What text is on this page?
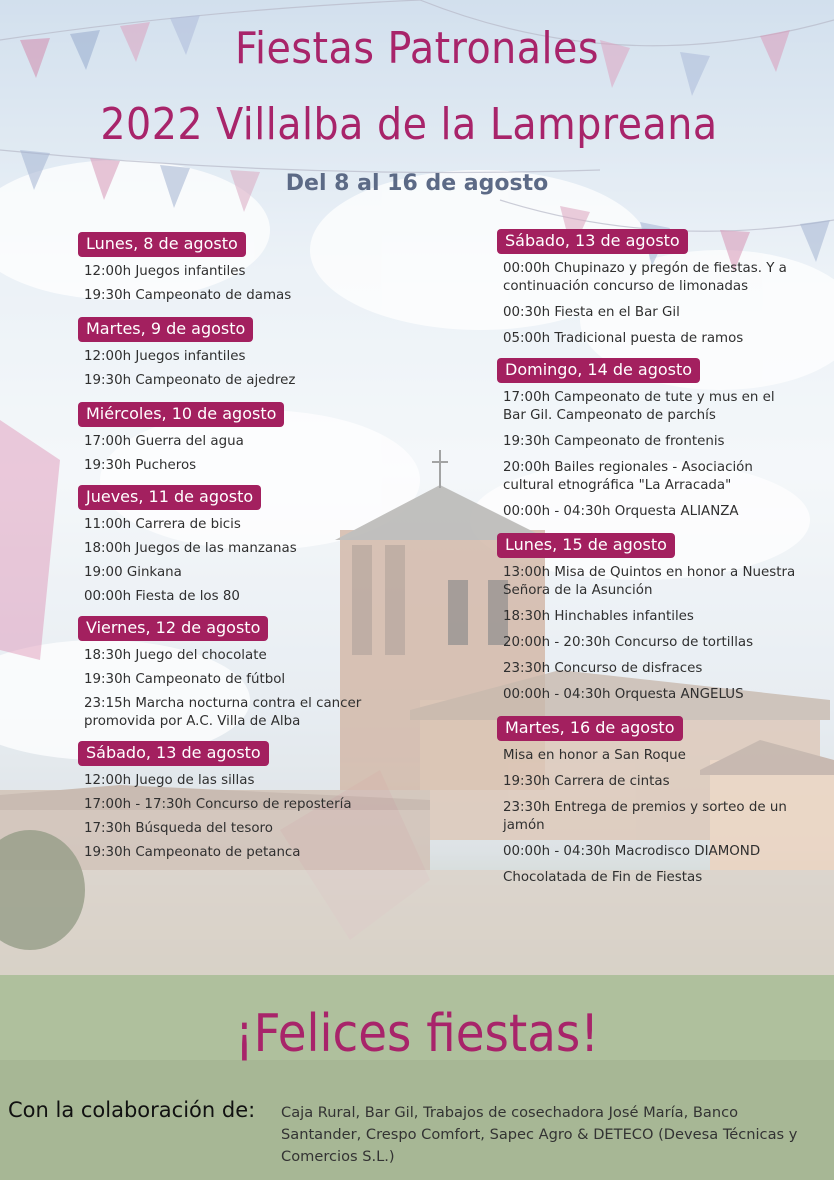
Fiestas Patronales
2022 Villalba de la Lampreana
Del 8 al 16 de agosto
Lunes, 8 de agosto
12:00h Juegos infantiles
19:30h Campeonato de damas
Martes, 9 de agosto
12:00h Juegos infantiles
19:30h Campeonato de ajedrez
Miércoles, 10 de agosto
17:00h Guerra del agua
19:30h Pucheros
Jueves, 11 de agosto
11:00h Carrera de bicis
18:00h Juegos de las manzanas
19:00 Ginkana
00:00h Fiesta de los 80
Viernes, 12 de agosto
18:30h Juego del chocolate
19:30h Campeonato de fútbol
23:15h Marcha nocturna contra el cancer promovida por A.C. Villa de Alba
Sábado, 13 de agosto
12:00h Juego de las sillas
17:00h - 17:30h Concurso de repostería
17:30h Búsqueda del tesoro
19:30h Campeonato de petanca
Sábado, 13 de agosto
00:00h Chupinazo y pregón de fiestas. Y a continuación concurso de limonadas
00:30h Fiesta en el Bar Gil
05:00h Tradicional puesta de ramos
Domingo, 14 de agosto
17:00h Campeonato de tute y mus en el Bar Gil. Campeonato de parchís
19:30h Campeonato de frontenis
20:00h Bailes regionales - Asociación cultural etnográfica "La Arracada"
00:00h - 04:30h Orquesta ALIANZA
Lunes, 15 de agosto
13:00h Misa de Quintos en honor a Nuestra Señora de la Asunción
18:30h Hinchables infantiles
20:00h - 20:30h Concurso de tortillas
23:30h Concurso de disfraces
00:00h - 04:30h Orquesta ANGELUS
Martes, 16 de agosto
Misa en honor a San Roque
19:30h Carrera de cintas
23:30h Entrega de premios y sorteo de un jamón
00:00h - 04:30h Macrodisco DIAMOND
Chocolatada de Fin de Fiestas
¡Felices fiestas!
Con la colaboración de: Caja Rural, Bar Gil, Trabajos de cosechadora José María, Banco Santander, Crespo Comfort, Sapec Agro & DETECO (Devesa Técnicas y Comercios S.L.)
